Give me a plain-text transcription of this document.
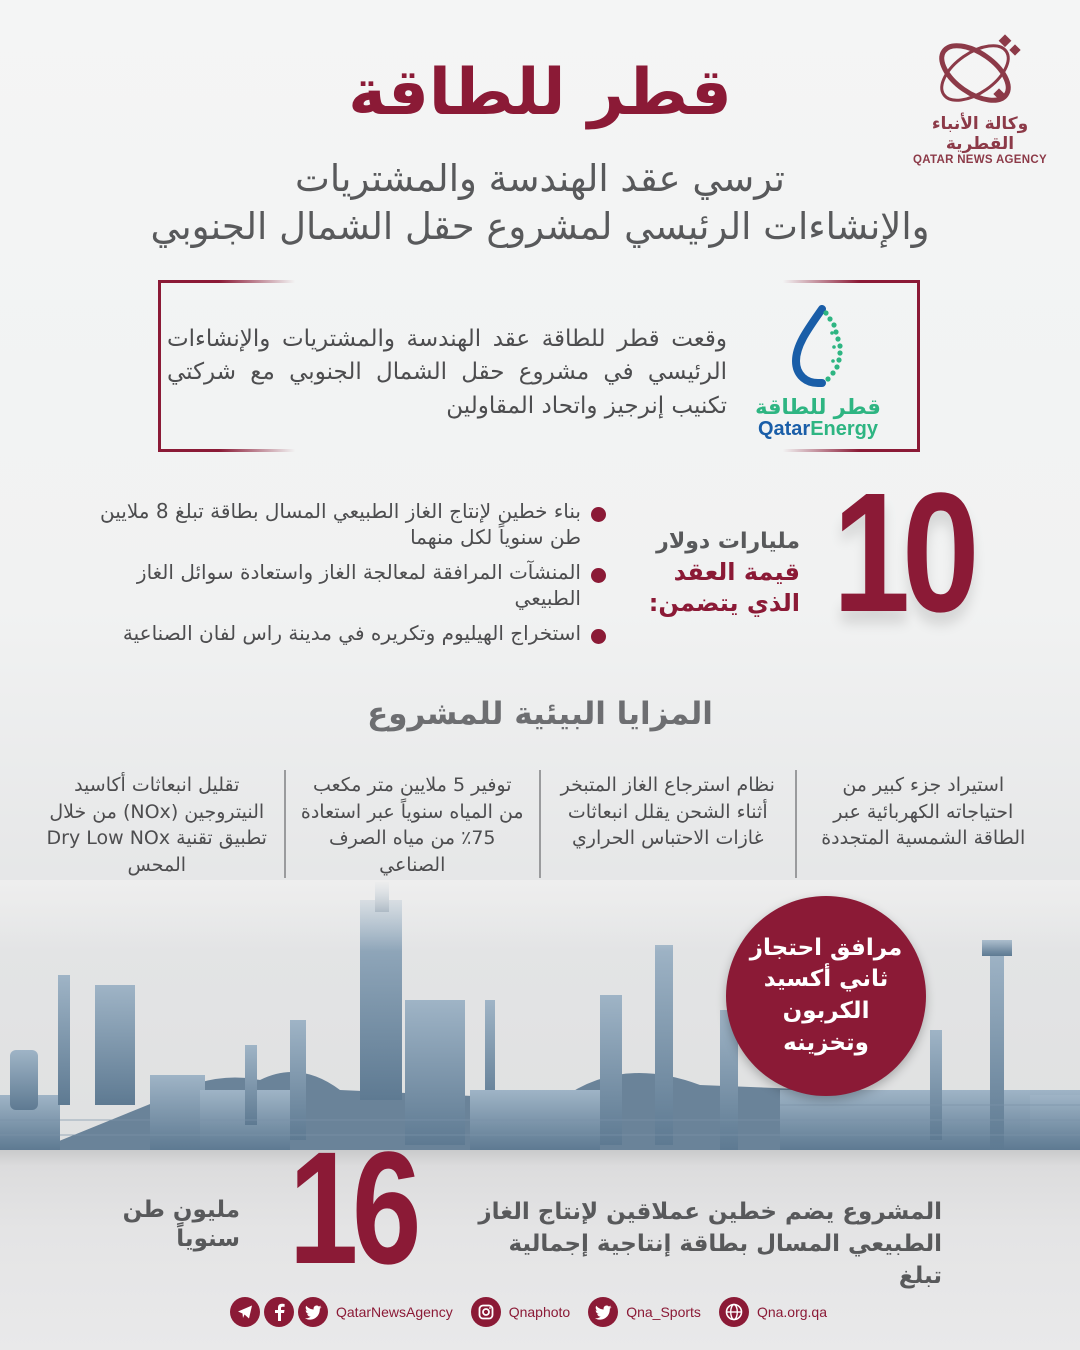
وكالة الأنباء القطرية
QATAR NEWS AGENCY
قطر للطاقة
ترسي عقد الهندسة والمشتريات
والإنشاءات الرئيسي لمشروع حقل الشمال الجنوبي
قطر للطاقة
QatarEnergy
وقعت قطر للطاقة عقد الهندسة والمشتريات والإنشاءات الرئيسي في مشروع حقل الشمال الجنوبي مع شركتي تكنيب إنرجيز واتحاد المقاولين
10
مليارات دولار
قيمة العقد
الذي يتضمن:
بناء خطين لإنتاج الغاز الطبيعي المسال بطاقة تبلغ 8 ملايين طن سنوياً لكل منهما
المنشآت المرافقة لمعالجة الغاز واستعادة سوائل الغاز الطبيعي
استخراج الهيليوم وتكريره في مدينة راس لفان الصناعية
المزايا البيئية للمشروع
استيراد جزء كبير من احتياجاته الكهربائية عبر الطاقة الشمسية المتجددة
نظام استرجاع الغاز المتبخر أثناء الشحن يقلل انبعاثات غازات الاحتباس الحراري
توفير 5 ملايين متر مكعب من المياه سنوياً عبر استعادة 75٪ من مياه الصرف الصناعي
تقليل انبعاثات أكاسيد النيتروجين (NOx) من خلال تطبيق تقنية Dry Low NOx المحس
مرافق احتجاز
ثاني أكسيد
الكربون
وتخزينه
16
مليون طن
سنوياً
المشروع يضم خطين عملاقين لإنتاج الغاز
الطبيعي المسال بطاقة إنتاجية إجمالية تبلغ
QatarNewsAgency	Qnaphoto	Qna_Sports	Qna.org.qa
